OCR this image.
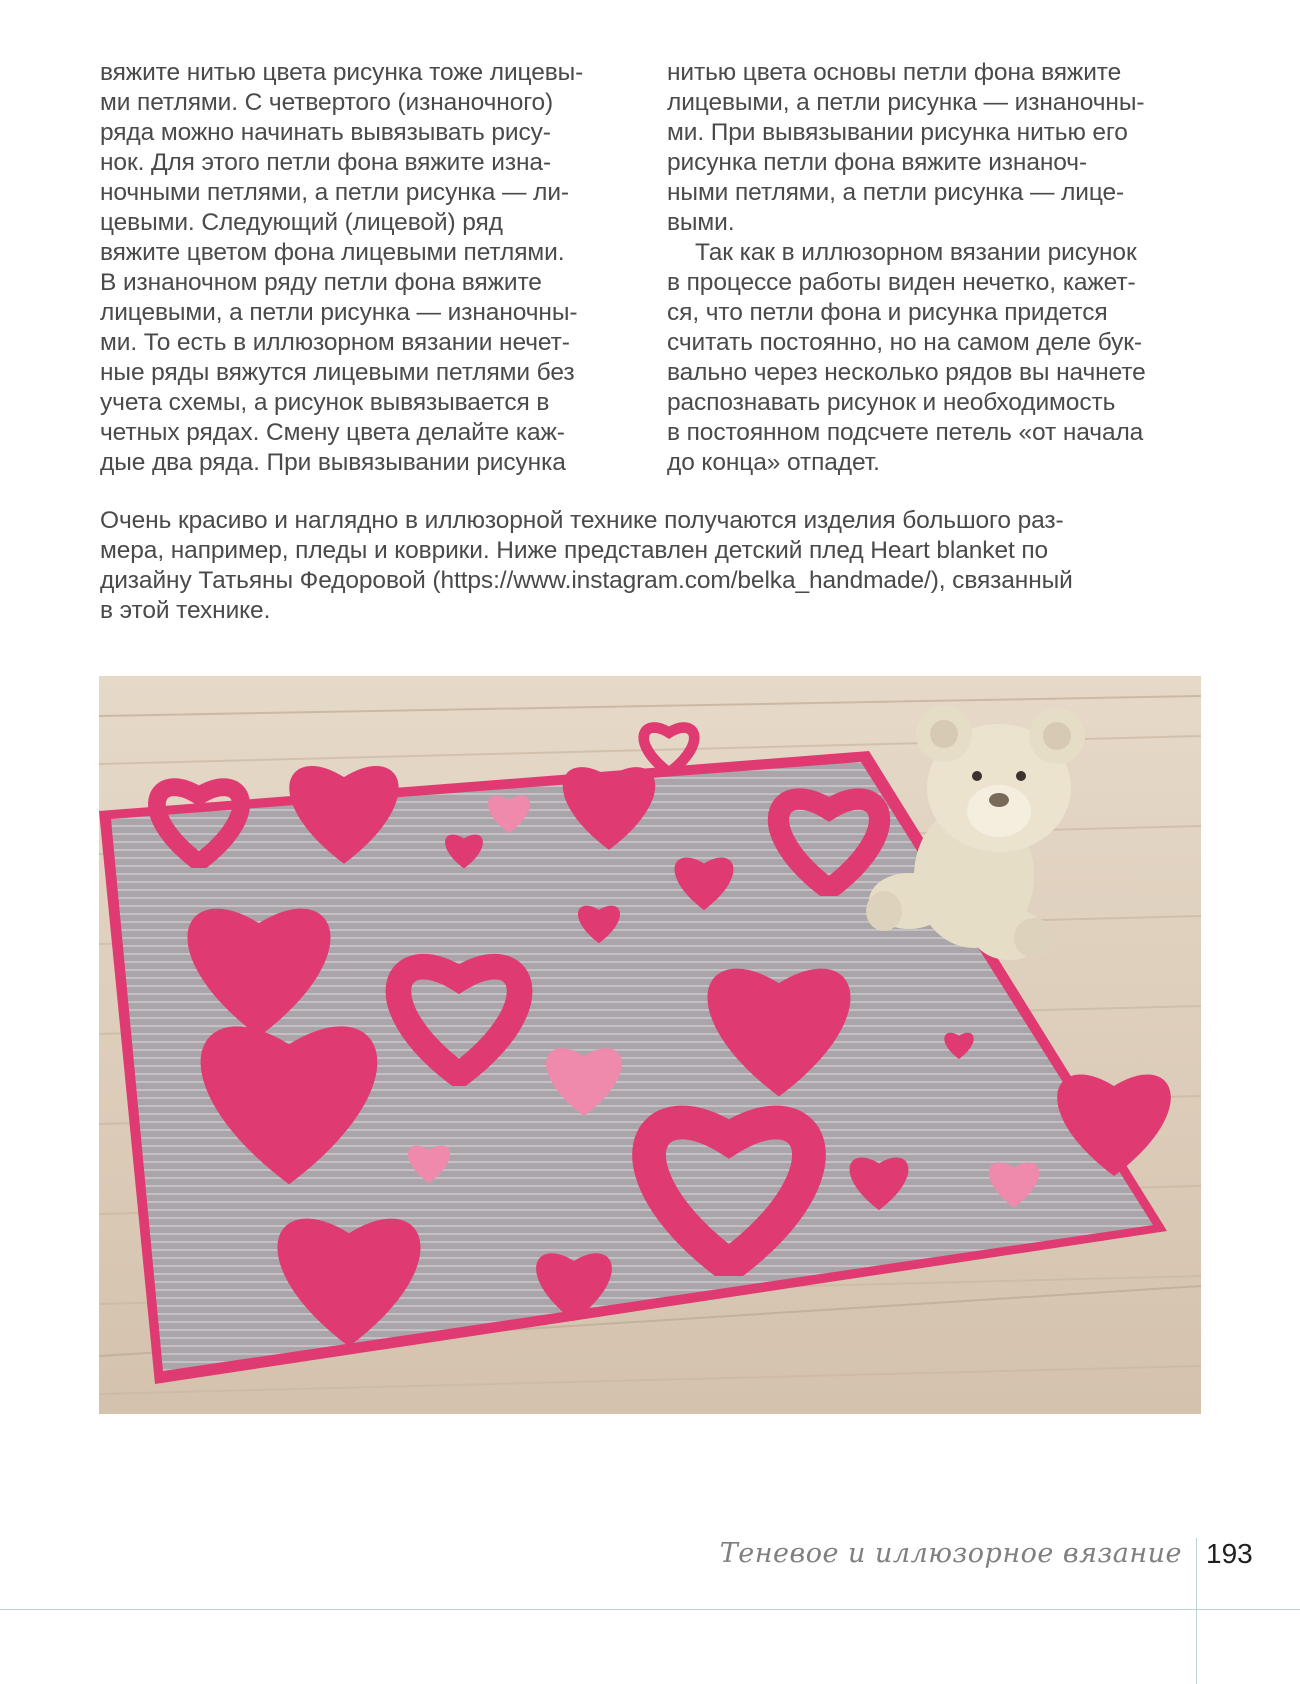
вяжите нитью цвета рисунка тоже лицевы-
ми петлями. С четвертого (изнаночного)
ряда можно начинать вывязывать рису-
нок. Для этого петли фона вяжите изна-
ночными петлями, а петли рисунка — ли-
цевыми. Следующий (лицевой) ряд
вяжите цветом фона лицевыми петлями.
В изнаночном ряду петли фона вяжите
лицевыми, а петли рисунка — изнаночны-
ми. То есть в иллюзорном вязании нечет-
ные ряды вяжутся лицевыми петлями без
учета схемы, а рисунок вывязывается в
четных рядах. Смену цвета делайте каж-
дые два ряда. При вывязывании рисунка
нитью цвета основы петли фона вяжите
лицевыми, а петли рисунка — изнаночны-
ми. При вывязывании рисунка нитью его
рисунка петли фона вяжите изнаноч-
ными петлями, а петли рисунка — лице-
выми.
Так как в иллюзорном вязании рисунок
в процессе работы виден нечетко, кажет-
ся, что петли фона и рисунка придется
считать постоянно, но на самом деле бук-
вально через несколько рядов вы начнете
распознавать рисунок и необходимость
в постоянном подсчете петель «от начала
до конца» отпадет.
Очень красиво и наглядно в иллюзорной технике получаются изделия большого раз-
мера, например, пледы и коврики. Ниже представлен детский плед Heart blanket по
дизайну Татьяны Федоровой (https://www.instagram.com/belka_handmade/), связанный
в этой технике.
Теневое и иллюзорное вязание 193
